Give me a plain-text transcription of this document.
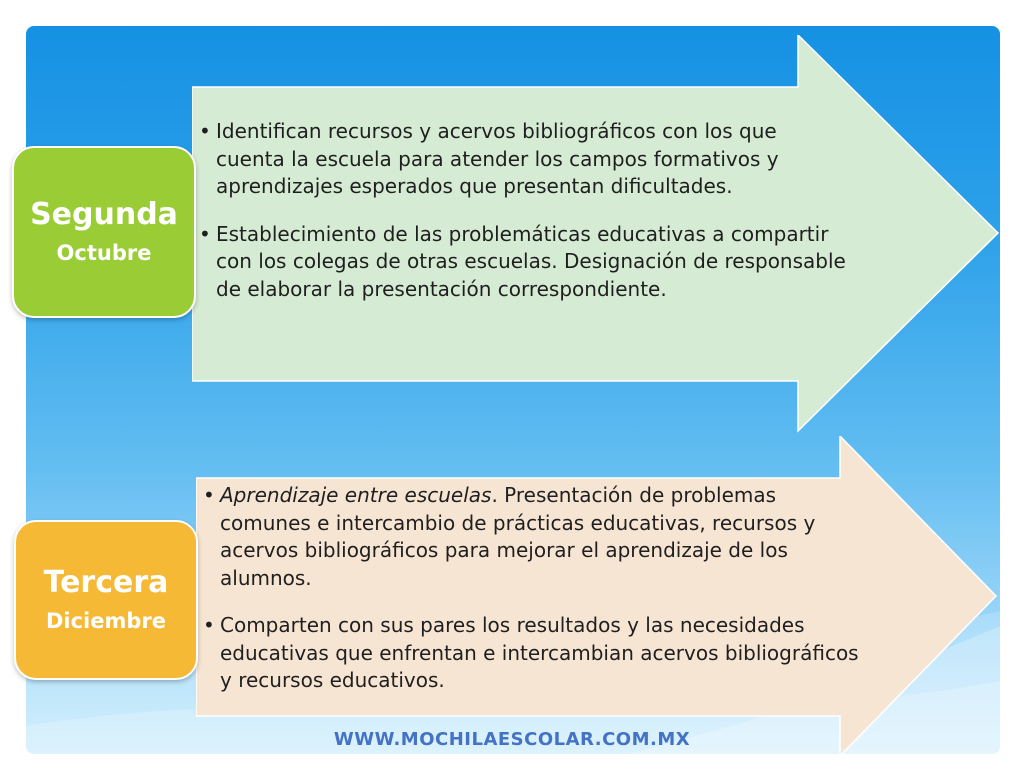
• Identifican recursos y acervos bibliográficos con los que cuenta la escuela para atender los campos formativos y aprendizajes esperados que presentan dificultades.
• Establecimiento de las problemáticas educativas a compartir con los colegas de otras escuelas. Designación de responsable de elaborar la presentación correspondiente.
Segunda
Octubre
• Aprendizaje entre escuelas. Presentación de problemas comunes e intercambio de prácticas educativas, recursos y acervos bibliográficos para mejorar el aprendizaje de los alumnos.
• Comparten con sus pares los resultados y las necesidades educativas que enfrentan e intercambian acervos bibliográficos y recursos educativos.
Tercera
Diciembre
WWW.MOCHILAESCOLAR.COM.MX
